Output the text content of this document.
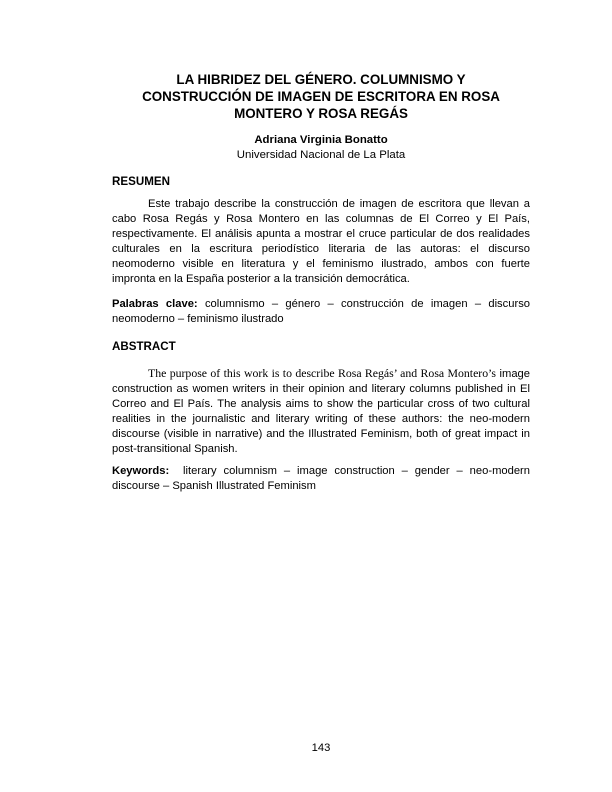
LA HIBRIDEZ DEL GÉNERO. COLUMNISMO Y
CONSTRUCCIÓN DE IMAGEN DE ESCRITORA EN ROSA
MONTERO Y ROSA REGÁS
Adriana Virginia Bonatto
Universidad Nacional de La Plata
RESUMEN
Este trabajo describe la construcción de imagen de escritora que llevan a cabo Rosa Regás y Rosa Montero en las columnas de El Correo y El País, respectivamente. El análisis apunta a mostrar el cruce particular de dos realidades culturales en la escritura periodístico literaria de las autoras: el discurso neomoderno visible en literatura y el feminismo ilustrado, ambos con fuerte impronta en la España posterior a la transición democrática.
Palabras clave: columnismo – género – construcción de imagen – discurso neomoderno – feminismo ilustrado
ABSTRACT
The purpose of this work is to describe Rosa Regás’ and Rosa Montero’s image construction as women writers in their opinion and literary columns published in El Correo and El País. The analysis aims to show the particular cross of two cultural realities in the journalistic and literary writing of these authors: the neo-modern discourse (visible in narrative) and the Illustrated Feminism, both of great impact in post-transitional Spanish.
Keywords: literary columnism – image construction – gender – neo-modern discourse – Spanish Illustrated Feminism
143
